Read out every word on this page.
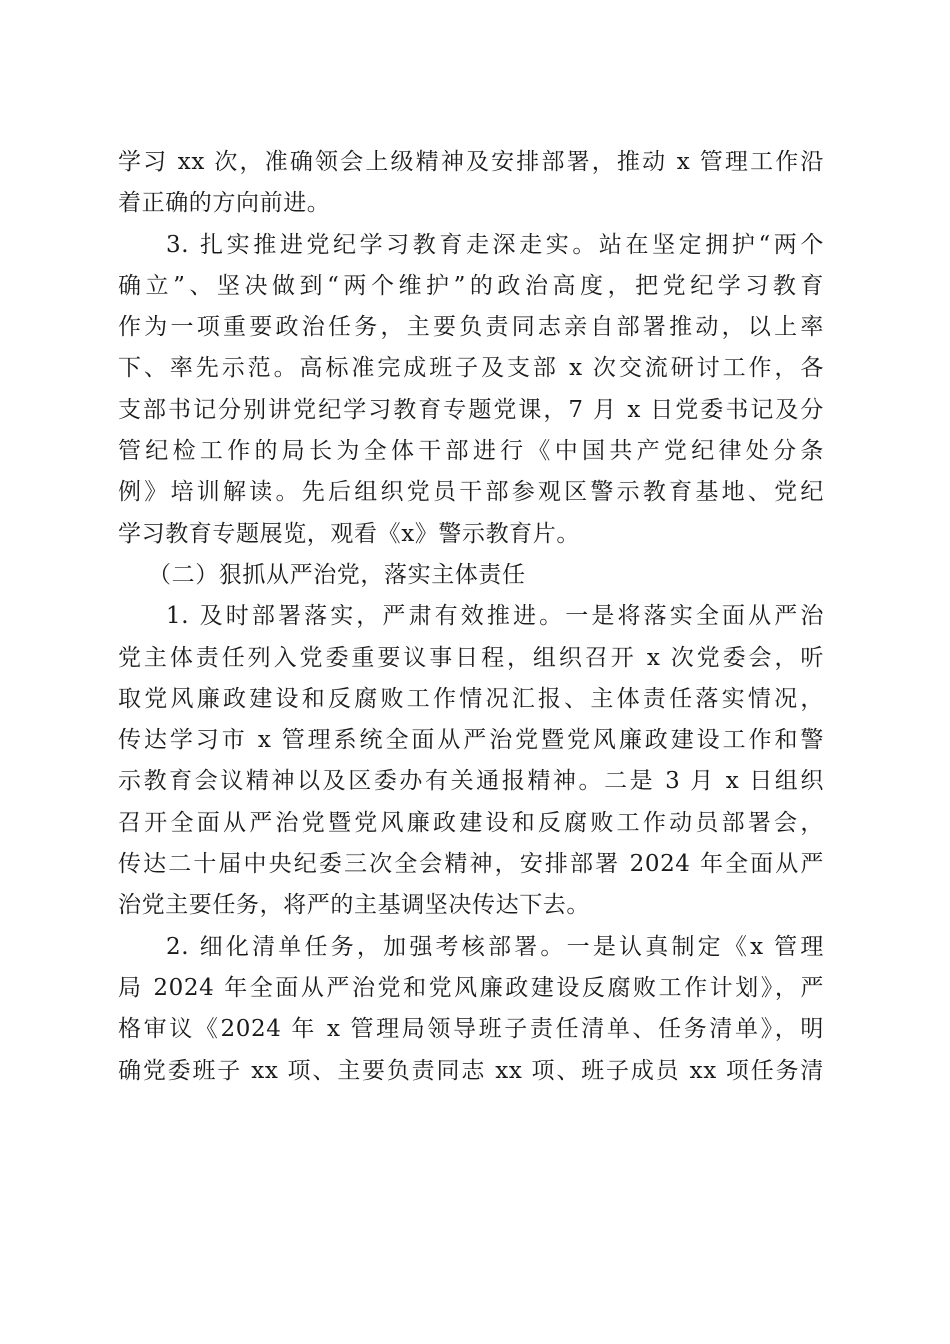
学习 xx 次，准确领会上级精神及安排部署，推动 x 管理工作沿
着正确的方向前进。
3. 扎实推进党纪学习教育走深走实。站在坚定拥护“两个
确立”、坚决做到“两个维护”的政治高度，把党纪学习教育
作为一项重要政治任务，主要负责同志亲自部署推动，以上率
下、率先示范。高标准完成班子及支部 x 次交流研讨工作，各
支部书记分别讲党纪学习教育专题党课，7 月 x 日党委书记及分
管纪检工作的局长为全体干部进行《中国共产党纪律处分条
例》培训解读。先后组织党员干部参观区警示教育基地、党纪
学习教育专题展览，观看《x》警示教育片。
（二）狠抓从严治党，落实主体责任
1. 及时部署落实，严肃有效推进。一是将落实全面从严治
党主体责任列入党委重要议事日程，组织召开 x 次党委会，听
取党风廉政建设和反腐败工作情况汇报、主体责任落实情况，
传达学习市 x 管理系统全面从严治党暨党风廉政建设工作和警
示教育会议精神以及区委办有关通报精神。二是 3 月 x 日组织
召开全面从严治党暨党风廉政建设和反腐败工作动员部署会，
传达二十届中央纪委三次全会精神，安排部署 2024 年全面从严
治党主要任务，将严的主基调坚决传达下去。
2. 细化清单任务，加强考核部署。一是认真制定《x 管理
局 2024 年全面从严治党和党风廉政建设反腐败工作计划》，严
格审议《2024 年 x 管理局领导班子责任清单、任务清单》，明
确党委班子 xx 项、主要负责同志 xx 项、班子成员 xx 项任务清
